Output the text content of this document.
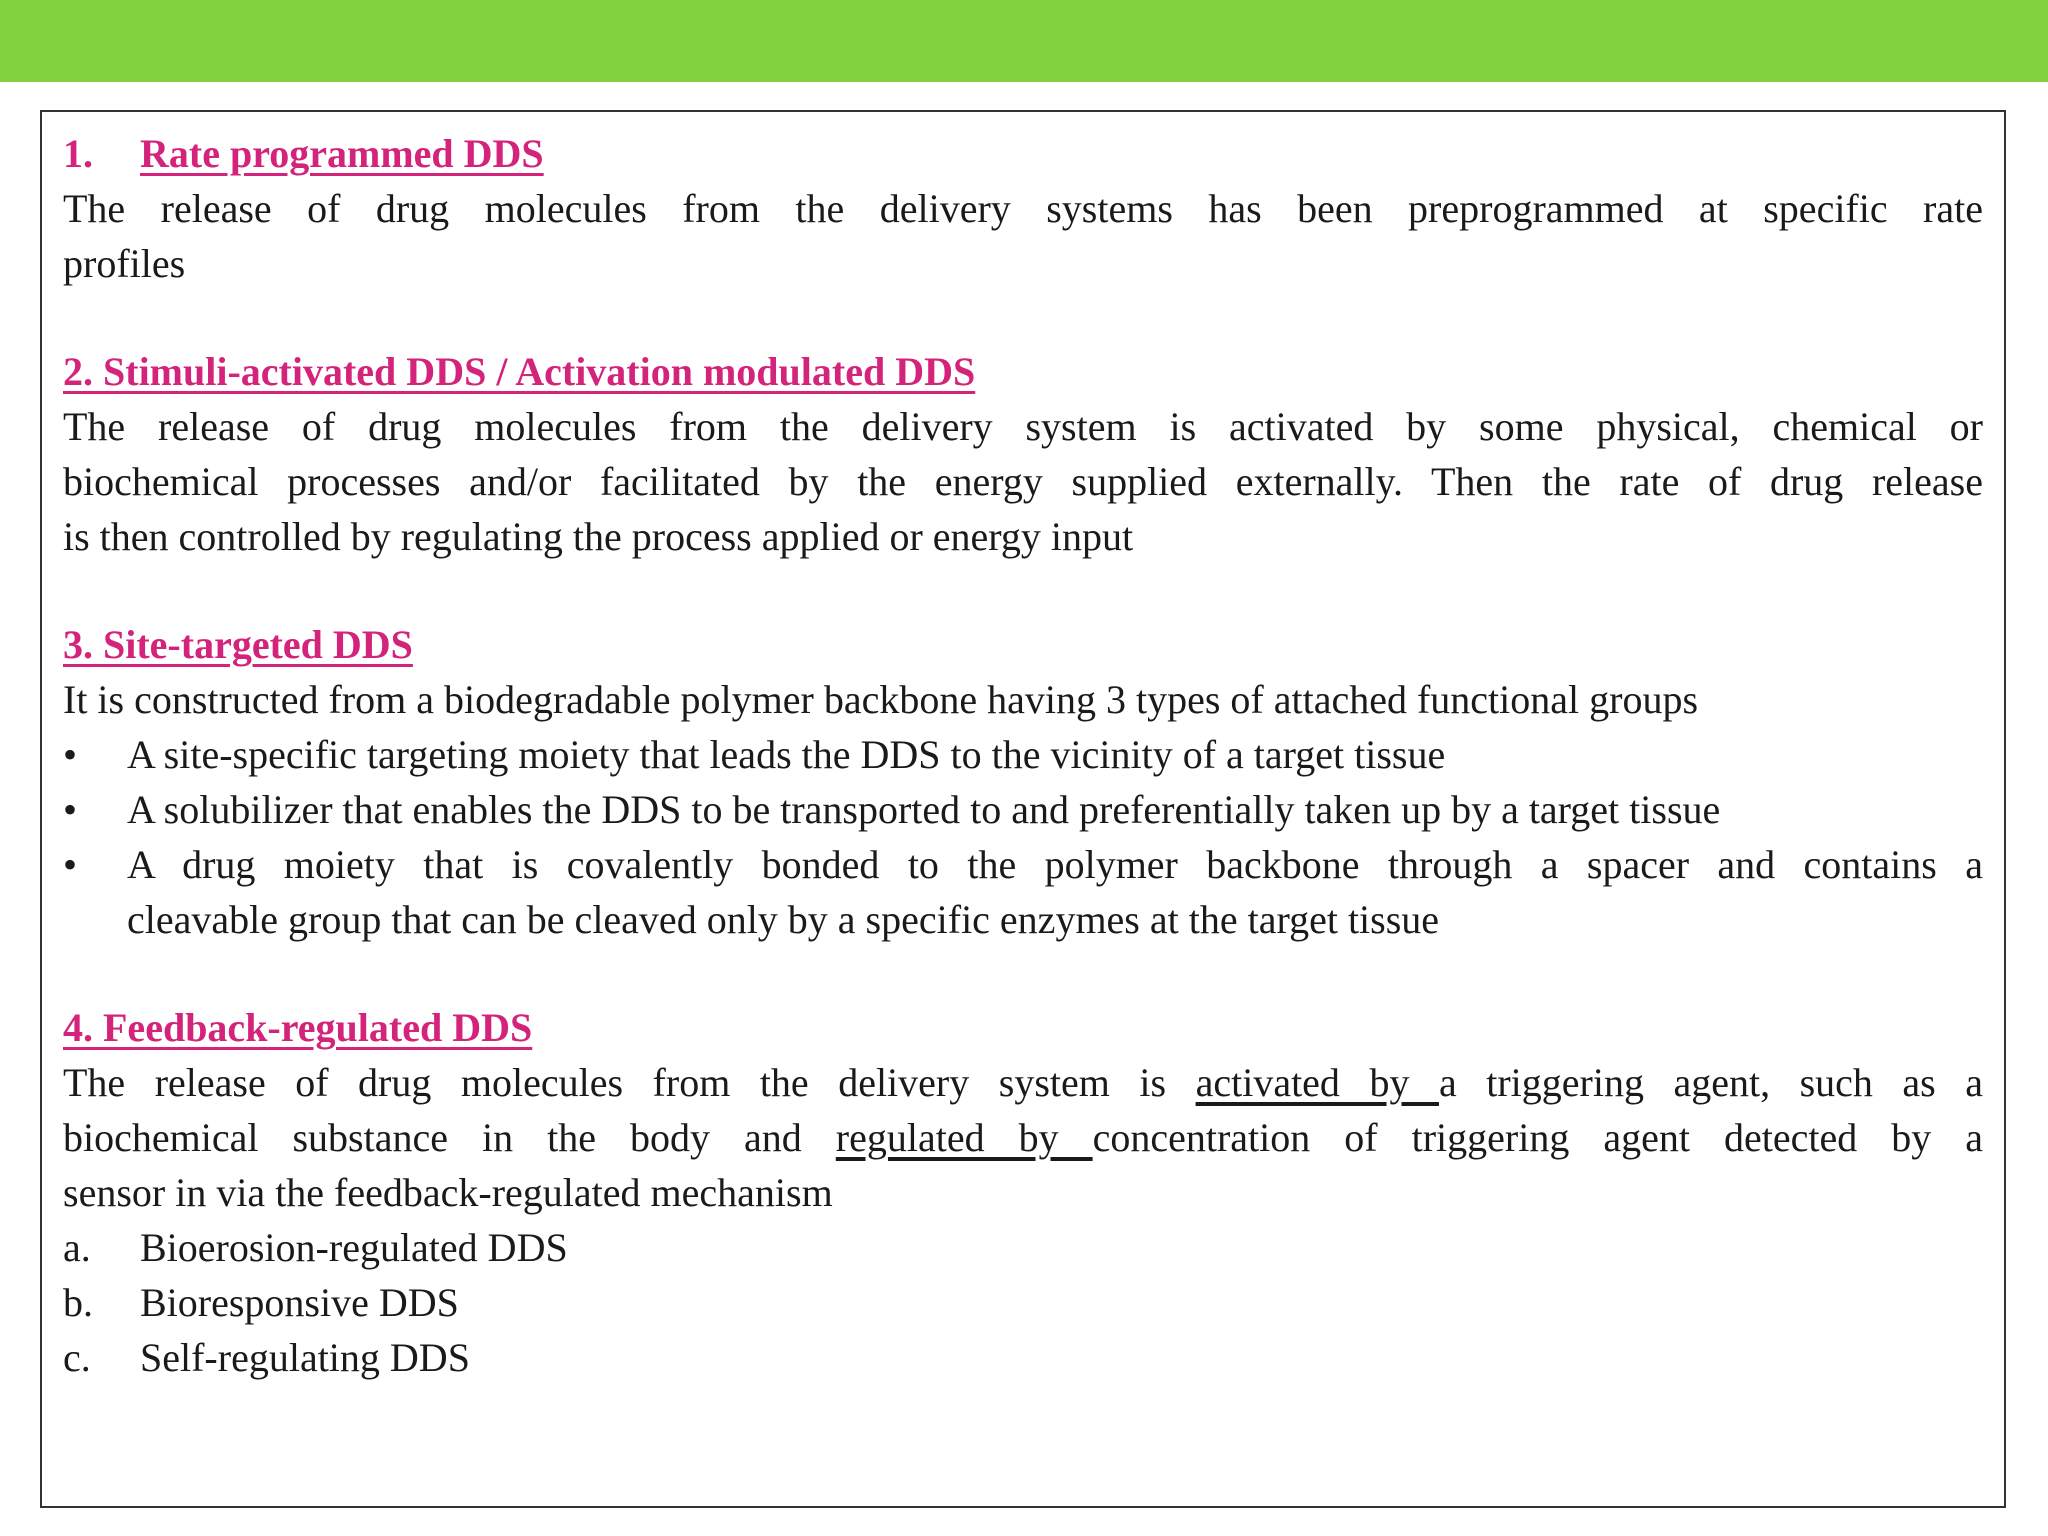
1. Rate programmed DDS
The release of drug molecules from the delivery systems has been preprogrammed at specific rate
profiles
2. Stimuli-activated DDS / Activation modulated DDS
The release of drug molecules from the delivery system is activated by some physical, chemical or
biochemical processes and/or facilitated by the energy supplied externally. Then the rate of drug release
is then controlled by regulating the process applied or energy input
3. Site-targeted DDS
It is constructed from a biodegradable polymer backbone having 3 types of attached functional groups
•	A site-specific targeting moiety that leads the DDS to the vicinity of a target tissue
•	A solubilizer that enables the DDS to be transported to and preferentially taken up by a target tissue
•	A drug moiety that is covalently bonded to the polymer backbone through a spacer and contains a
cleavable group that can be cleaved only by a specific enzymes at the target tissue
4. Feedback-regulated DDS
The release of drug molecules from the delivery system is activated by a triggering agent, such as a
biochemical substance in the body and regulated by concentration of triggering agent detected by a
sensor in via the feedback-regulated mechanism
a. Bioerosion-regulated DDS
b. Bioresponsive DDS
c. Self-regulating DDS
